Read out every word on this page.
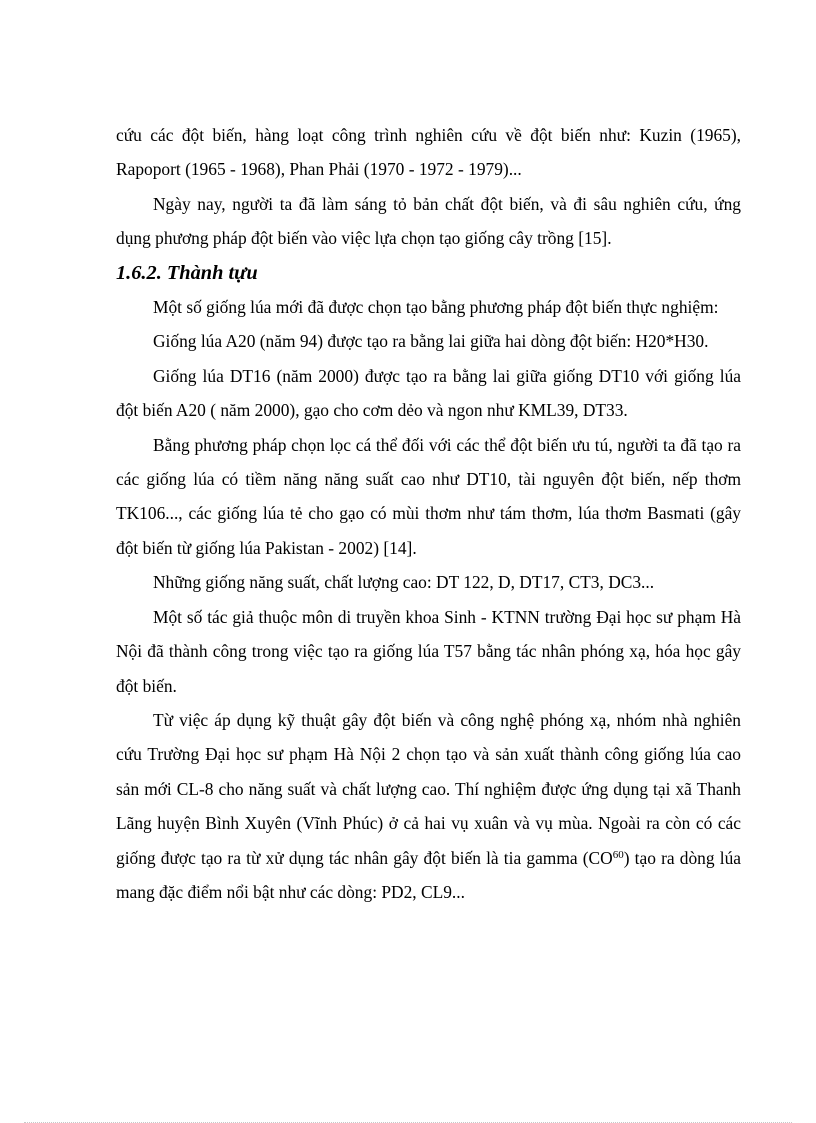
cứu các đột biến, hàng loạt công trình nghiên cứu về đột biến như: Kuzin (1965), Rapoport (1965 - 1968), Phan Phải (1970 - 1972 - 1979)...

Ngày nay, người ta đã làm sáng tỏ bản chất đột biến, và đi sâu nghiên cứu, ứng dụng phương pháp đột biến vào việc lựa chọn tạo giống cây trồng [15].

1.6.2. Thành tựu

Một số giống lúa mới đã được chọn tạo bằng phương pháp đột biến thực nghiệm:

Giống lúa A20 (năm 94) được tạo ra bằng lai giữa hai dòng đột biến: H20*H30.

Giống lúa DT16 (năm 2000) được tạo ra bằng lai giữa giống DT10 với giống lúa đột biến A20 ( năm 2000), gạo cho cơm dẻo và ngon như KML39, DT33.

Bằng phương pháp chọn lọc cá thể đối với các thể đột biến ưu tú, người ta đã tạo ra các giống lúa có tiềm năng năng suất cao như DT10, tài nguyên đột biến, nếp thơm TK106..., các giống lúa tẻ cho gạo có mùi thơm như tám thơm, lúa thơm Basmati (gây đột biến từ giống lúa Pakistan - 2002) [14].

Những giống năng suất, chất lượng cao: DT 122, D, DT17, CT3, DC3...

Một số tác giả thuộc môn di truyền khoa Sinh - KTNN trường Đại học sư phạm Hà Nội đã thành công trong việc tạo ra giống lúa T57 bằng tác nhân phóng xạ, hóa học gây đột biến.

Từ việc áp dụng kỹ thuật gây đột biến và công nghệ phóng xạ, nhóm nhà nghiên cứu Trường Đại học sư phạm Hà Nội 2 chọn tạo và sản xuất thành công giống lúa cao sản mới CL-8 cho năng suất và chất lượng cao. Thí nghiệm được ứng dụng tại xã Thanh Lãng huyện Bình Xuyên (Vĩnh Phúc) ở cả hai vụ xuân và vụ mùa. Ngoài ra còn có các giống được tạo ra từ xử dụng tác nhân gây đột biến là tia gamma (CO$^{60}$) tạo ra dòng lúa mang đặc điểm nổi bật như các dòng: PD2, CL9...
